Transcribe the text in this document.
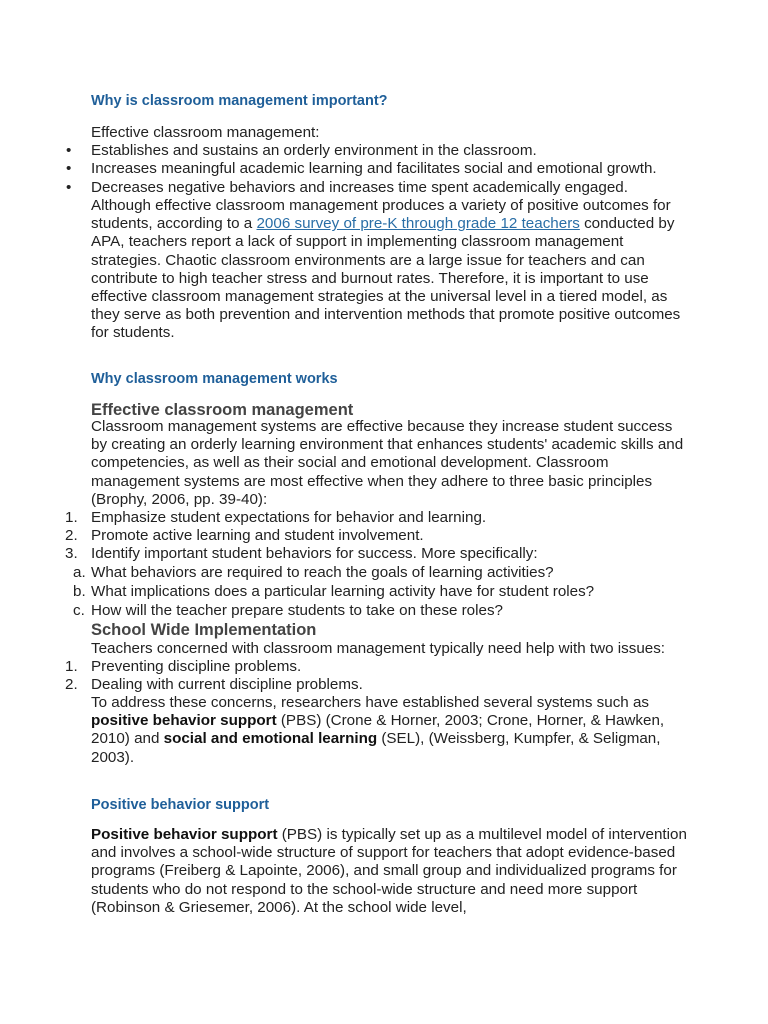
Why is classroom management important?
Effective classroom management:
• Establishes and sustains an orderly environment in the classroom.
• Increases meaningful academic learning and facilitates social and emotional growth.
• Decreases negative behaviors and increases time spent academically engaged.
Although effective classroom management produces a variety of positive outcomes for students, according to a 2006 survey of pre-K through grade 12 teachers conducted by APA, teachers report a lack of support in implementing classroom management strategies. Chaotic classroom environments are a large issue for teachers and can contribute to high teacher stress and burnout rates. Therefore, it is important to use effective classroom management strategies at the universal level in a tiered model, as they serve as both prevention and intervention methods that promote positive outcomes for students.
Why classroom management works
Effective classroom management
Classroom management systems are effective because they increase student success by creating an orderly learning environment that enhances students' academic skills and competencies, as well as their social and emotional development. Classroom management systems are most effective when they adhere to three basic principles (Brophy, 2006, pp. 39-40):
1. Emphasize student expectations for behavior and learning.
2. Promote active learning and student involvement.
3. Identify important student behaviors for success. More specifically:
a. What behaviors are required to reach the goals of learning activities?
b. What implications does a particular learning activity have for student roles?
c. How will the teacher prepare students to take on these roles?
School Wide Implementation
Teachers concerned with classroom management typically need help with two issues:
1. Preventing discipline problems.
2. Dealing with current discipline problems.
To address these concerns, researchers have established several systems such as positive behavior support (PBS) (Crone & Horner, 2003; Crone, Horner, & Hawken, 2010) and social and emotional learning (SEL), (Weissberg, Kumpfer, & Seligman, 2003).
Positive behavior support
Positive behavior support (PBS) is typically set up as a multilevel model of intervention and involves a school-wide structure of support for teachers that adopt evidence-based programs (Freiberg & Lapointe, 2006), and small group and individualized programs for students who do not respond to the school-wide structure and need more support (Robinson & Griesemer, 2006). At the school wide level,
